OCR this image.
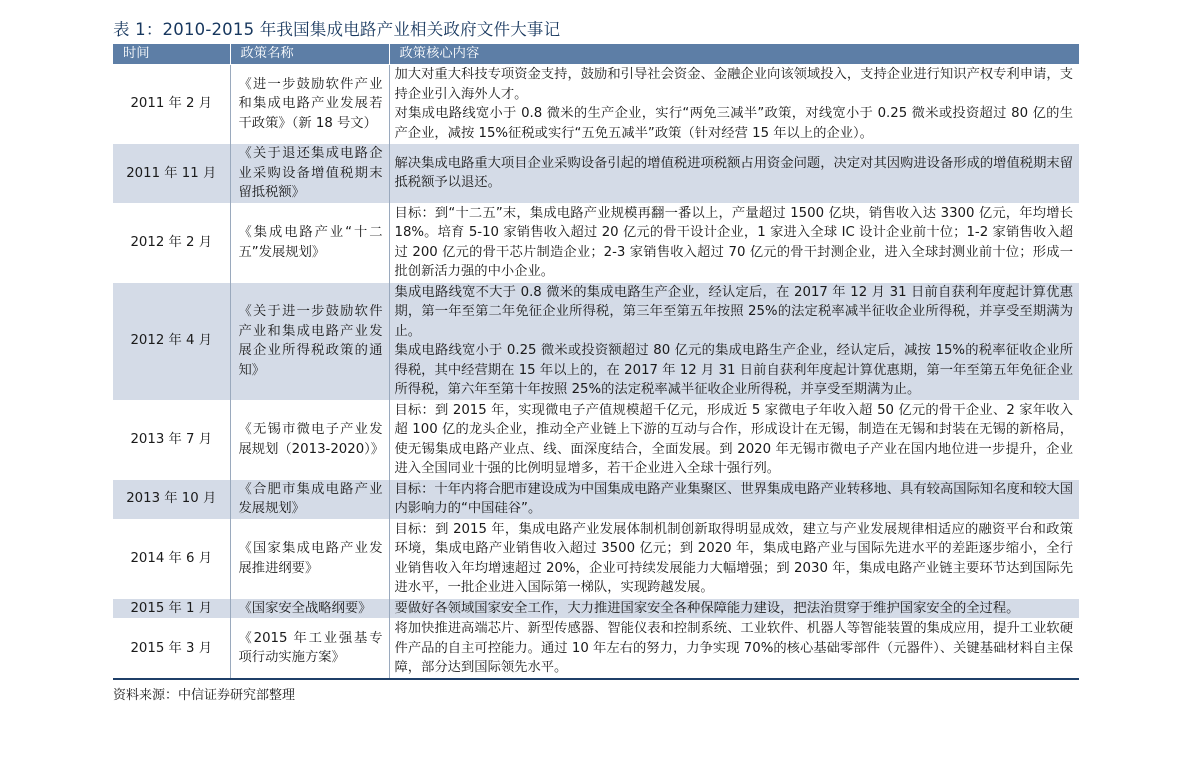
表 1：2010-2015 年我国集成电路产业相关政府文件大事记
时间	政策名称	政策核心内容
2011 年 2 月	《进一步鼓励软件产业和集成电路产业发展若干政策》（新 18 号文）	加大对重大科技专项资金支持，鼓励和引导社会资金、金融企业向该领域投入，支持企业进行知识产权专利申请，支持企业引入海外人才。
对集成电路线宽小于 0.8 微米的生产企业，实行“两免三减半”政策，对线宽小于 0.25 微米或投资超过 80 亿的生产企业，减按 15%征税或实行“五免五减半”政策（针对经营 15 年以上的企业）。

2011 年 11 月	《关于退还集成电路企业采购设备增值税期末留抵税额》	解决集成电路重大项目企业采购设备引起的增值税进项税额占用资金问题，决定对其因购进设备形成的增值税期末留抵税额予以退还。

2012 年 2 月	《集成电路产业“十二五”发展规划》	目标：到“十二五”末，集成电路产业规模再翻一番以上，产量超过 1500 亿块，销售收入达 3300 亿元，年均增长 18%。培育 5-10 家销售收入超过 20 亿元的骨干设计企业，1 家进入全球 IC 设计企业前十位；1-2 家销售收入超过 200 亿元的骨干芯片制造企业；2-3 家销售收入超过 70 亿元的骨干封测企业，进入全球封测业前十位；形成一批创新活力强的中小企业。

2012 年 4 月	《关于进一步鼓励软件产业和集成电路产业发展企业所得税政策的通知》	集成电路线宽不大于 0.8 微米的集成电路生产企业，经认定后，在 2017 年 12 月 31 日前自获利年度起计算优惠期，第一年至第二年免征企业所得税，第三年至第五年按照 25%的法定税率减半征收企业所得税，并享受至期满为止。
集成电路线宽小于 0.25 微米或投资额超过 80 亿元的集成电路生产企业，经认定后，减按 15%的税率征收企业所得税，其中经营期在 15 年以上的，在 2017 年 12 月 31 日前自获利年度起计算优惠期，第一年至第五年免征企业所得税，第六年至第十年按照 25%的法定税率减半征收企业所得税，并享受至期满为止。

2013 年 7 月	《无锡市微电子产业发展规划（2013-2020）》	目标：到 2015 年，实现微电子产值规模超千亿元，形成近 5 家微电子年收入超 50 亿元的骨干企业、2 家年收入超 100 亿的龙头企业，推动全产业链上下游的互动与合作，形成设计在无锡，制造在无锡和封装在无锡的新格局，使无锡集成电路产业点、线、面深度结合，全面发展。到 2020 年无锡市微电子产业在国内地位进一步提升，企业进入全国同业十强的比例明显增多，若干企业进入全球十强行列。

2013 年 10 月	《合肥市集成电路产业发展规划》	目标：十年内将合肥市建设成为中国集成电路产业集聚区、世界集成电路产业转移地、具有较高国际知名度和较大国内影响力的“中国硅谷”。

2014 年 6 月	《国家集成电路产业发展推进纲要》	目标：到 2015 年，集成电路产业发展体制机制创新取得明显成效，建立与产业发展规律相适应的融资平台和政策环境，集成电路产业销售收入超过 3500 亿元；到 2020 年，集成电路产业与国际先进水平的差距逐步缩小，全行业销售收入年均增速超过 20%，企业可持续发展能力大幅增强；到 2030 年，集成电路产业链主要环节达到国际先进水平，一批企业进入国际第一梯队，实现跨越发展。

2015 年 1 月	《国家安全战略纲要》	要做好各领域国家安全工作，大力推进国家安全各种保障能力建设，把法治贯穿于维护国家安全的全过程。

2015 年 3 月	《2015 年工业强基专项行动实施方案》	将加快推进高端芯片、新型传感器、智能仪表和控制系统、工业软件、机器人等智能装置的集成应用，提升工业软硬件产品的自主可控能力。通过 10 年左右的努力，力争实现 70%的核心基础零部件（元器件）、关键基础材料自主保障，部分达到国际领先水平。
资料来源：中信证券研究部整理
